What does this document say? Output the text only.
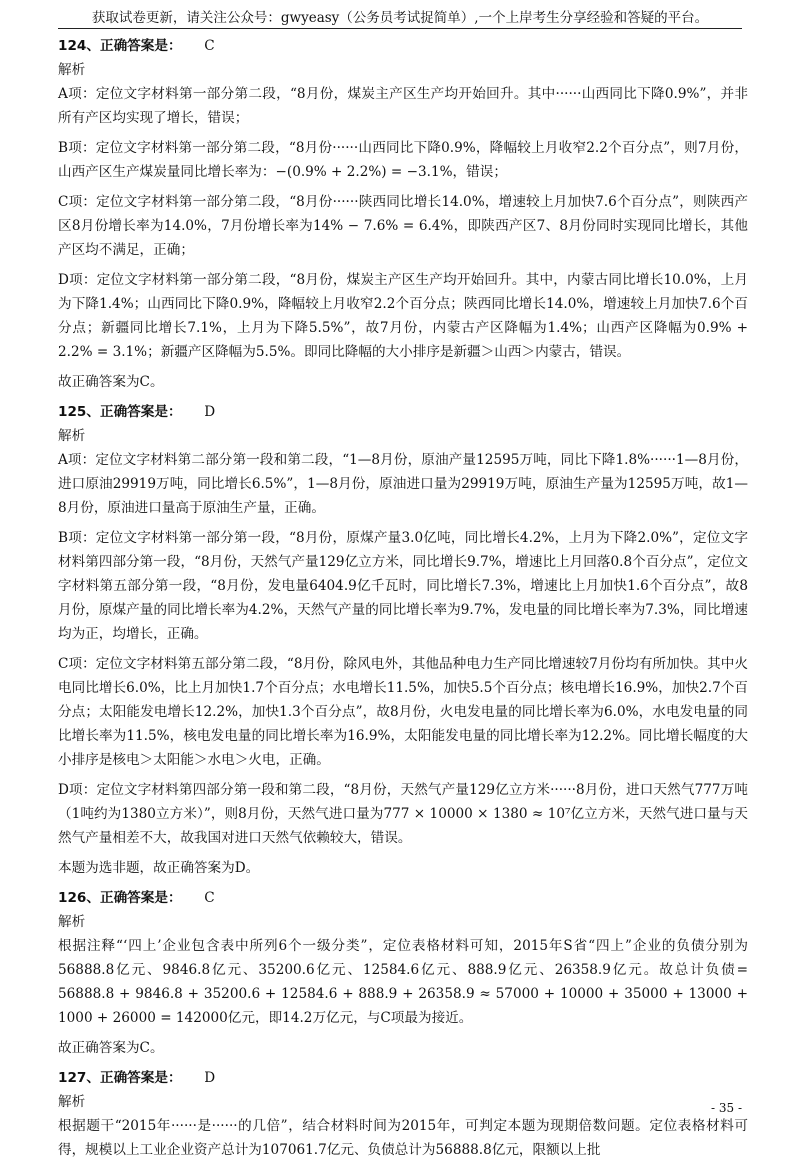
获取试卷更新，请关注公众号：gwyeasy（公务员考试捉简单）,一个上岸考生分享经验和答疑的平台。
124、正确答案是： C
解析

A项：定位文字材料第一部分第二段，“8月份，煤炭主产区生产均开始回升。其中······山西同比下降0.9%”，并非所有产区均实现了增长，错误；

B项：定位文字材料第一部分第二段，“8月份······山西同比下降0.9%，降幅较上月收窄2.2个百分点”，则7月份，山西产区生产煤炭量同比增长率为：−(0.9% + 2.2%) = −3.1%，错误；

C项：定位文字材料第一部分第二段，“8月份······陕西同比增长14.0%，增速较上月加快7.6个百分点”，则陕西产区8月份增长率为14.0%，7月份增长率为14% − 7.6% = 6.4%，即陕西产区7、8月份同时实现同比增长，其他产区均不满足，正确；

D项：定位文字材料第一部分第二段，“8月份，煤炭主产区生产均开始回升。其中，内蒙古同比增长10.0%，上月为下降1.4%；山西同比下降0.9%，降幅较上月收窄2.2个百分点；陕西同比增长14.0%，增速较上月加快7.6个百分点；新疆同比增长7.1%，上月为下降5.5%”，故7月份，内蒙古产区降幅为1.4%；山西产区降幅为0.9% + 2.2% = 3.1%；新疆产区降幅为5.5%。即同比降幅的大小排序是新疆＞山西＞内蒙古，错误。

故正确答案为C。

125、正确答案是： D
解析

A项：定位文字材料第二部分第一段和第二段，“1—8月份，原油产量12595万吨，同比下降1.8%······1—8月份，进口原油29919万吨，同比增长6.5%”，1—8月份，原油进口量为29919万吨，原油生产量为12595万吨，故1—8月份，原油进口量高于原油生产量，正确。

B项：定位文字材料第一部分第一段，“8月份，原煤产量3.0亿吨，同比增长4.2%，上月为下降2.0%”，定位文字材料第四部分第一段，“8月份，天然气产量129亿立方米，同比增长9.7%，增速比上月回落0.8个百分点”，定位文字材料第五部分第一段，“8月份，发电量6404.9亿千瓦时，同比增长7.3%，增速比上月加快1.6个百分点”，故8月份，原煤产量的同比增长率为4.2%，天然气产量的同比增长率为9.7%，发电量的同比增长率为7.3%，同比增速均为正，均增长，正确。

C项：定位文字材料第五部分第二段，“8月份，除风电外，其他品种电力生产同比增速较7月份均有所加快。其中火电同比增长6.0%，比上月加快1.7个百分点；水电增长11.5%，加快5.5个百分点；核电增长16.9%，加快2.7个百分点；太阳能发电增长12.2%，加快1.3个百分点”，故8月份，火电发电量的同比增长率为6.0%，水电发电量的同比增长率为11.5%，核电发电量的同比增长率为16.9%，太阳能发电量的同比增长率为12.2%。同比增长幅度的大小排序是核电＞太阳能＞水电＞火电，正确。

D项：定位文字材料第四部分第一段和第二段，“8月份，天然气产量129亿立方米······8月份，进口天然气777万吨（1吨约为1380立方米）”，则8月份，天然气进口量为777 × 10000 × 1380 ≈ 10⁷亿立方米，天然气进口量与天然气产量相差不大，故我国对进口天然气依赖较大，错误。

本题为选非题，故正确答案为D。

126、正确答案是： C
解析

根据注释“‘四上’企业包含表中所列6个一级分类”，定位表格材料可知，2015年S省“四上”企业的负债分别为56888.8亿元、9846.8亿元、35200.6亿元、12584.6亿元、888.9亿元、26358.9亿元。故总计负债= 56888.8 + 9846.8 + 35200.6 + 12584.6 + 888.9 + 26358.9 ≈ 57000 + 10000 + 35000 + 13000 + 1000 + 26000 = 142000亿元，即14.2万亿元，与C项最为接近。

故正确答案为C。

127、正确答案是： D
解析

根据题干“2015年······是······的几倍”，结合材料时间为2015年，可判定本题为现期倍数问题。定位表格材料可得，规模以上工业企业资产总计为107061.7亿元、负债总计为56888.8亿元，限额以上批

- 35 -
